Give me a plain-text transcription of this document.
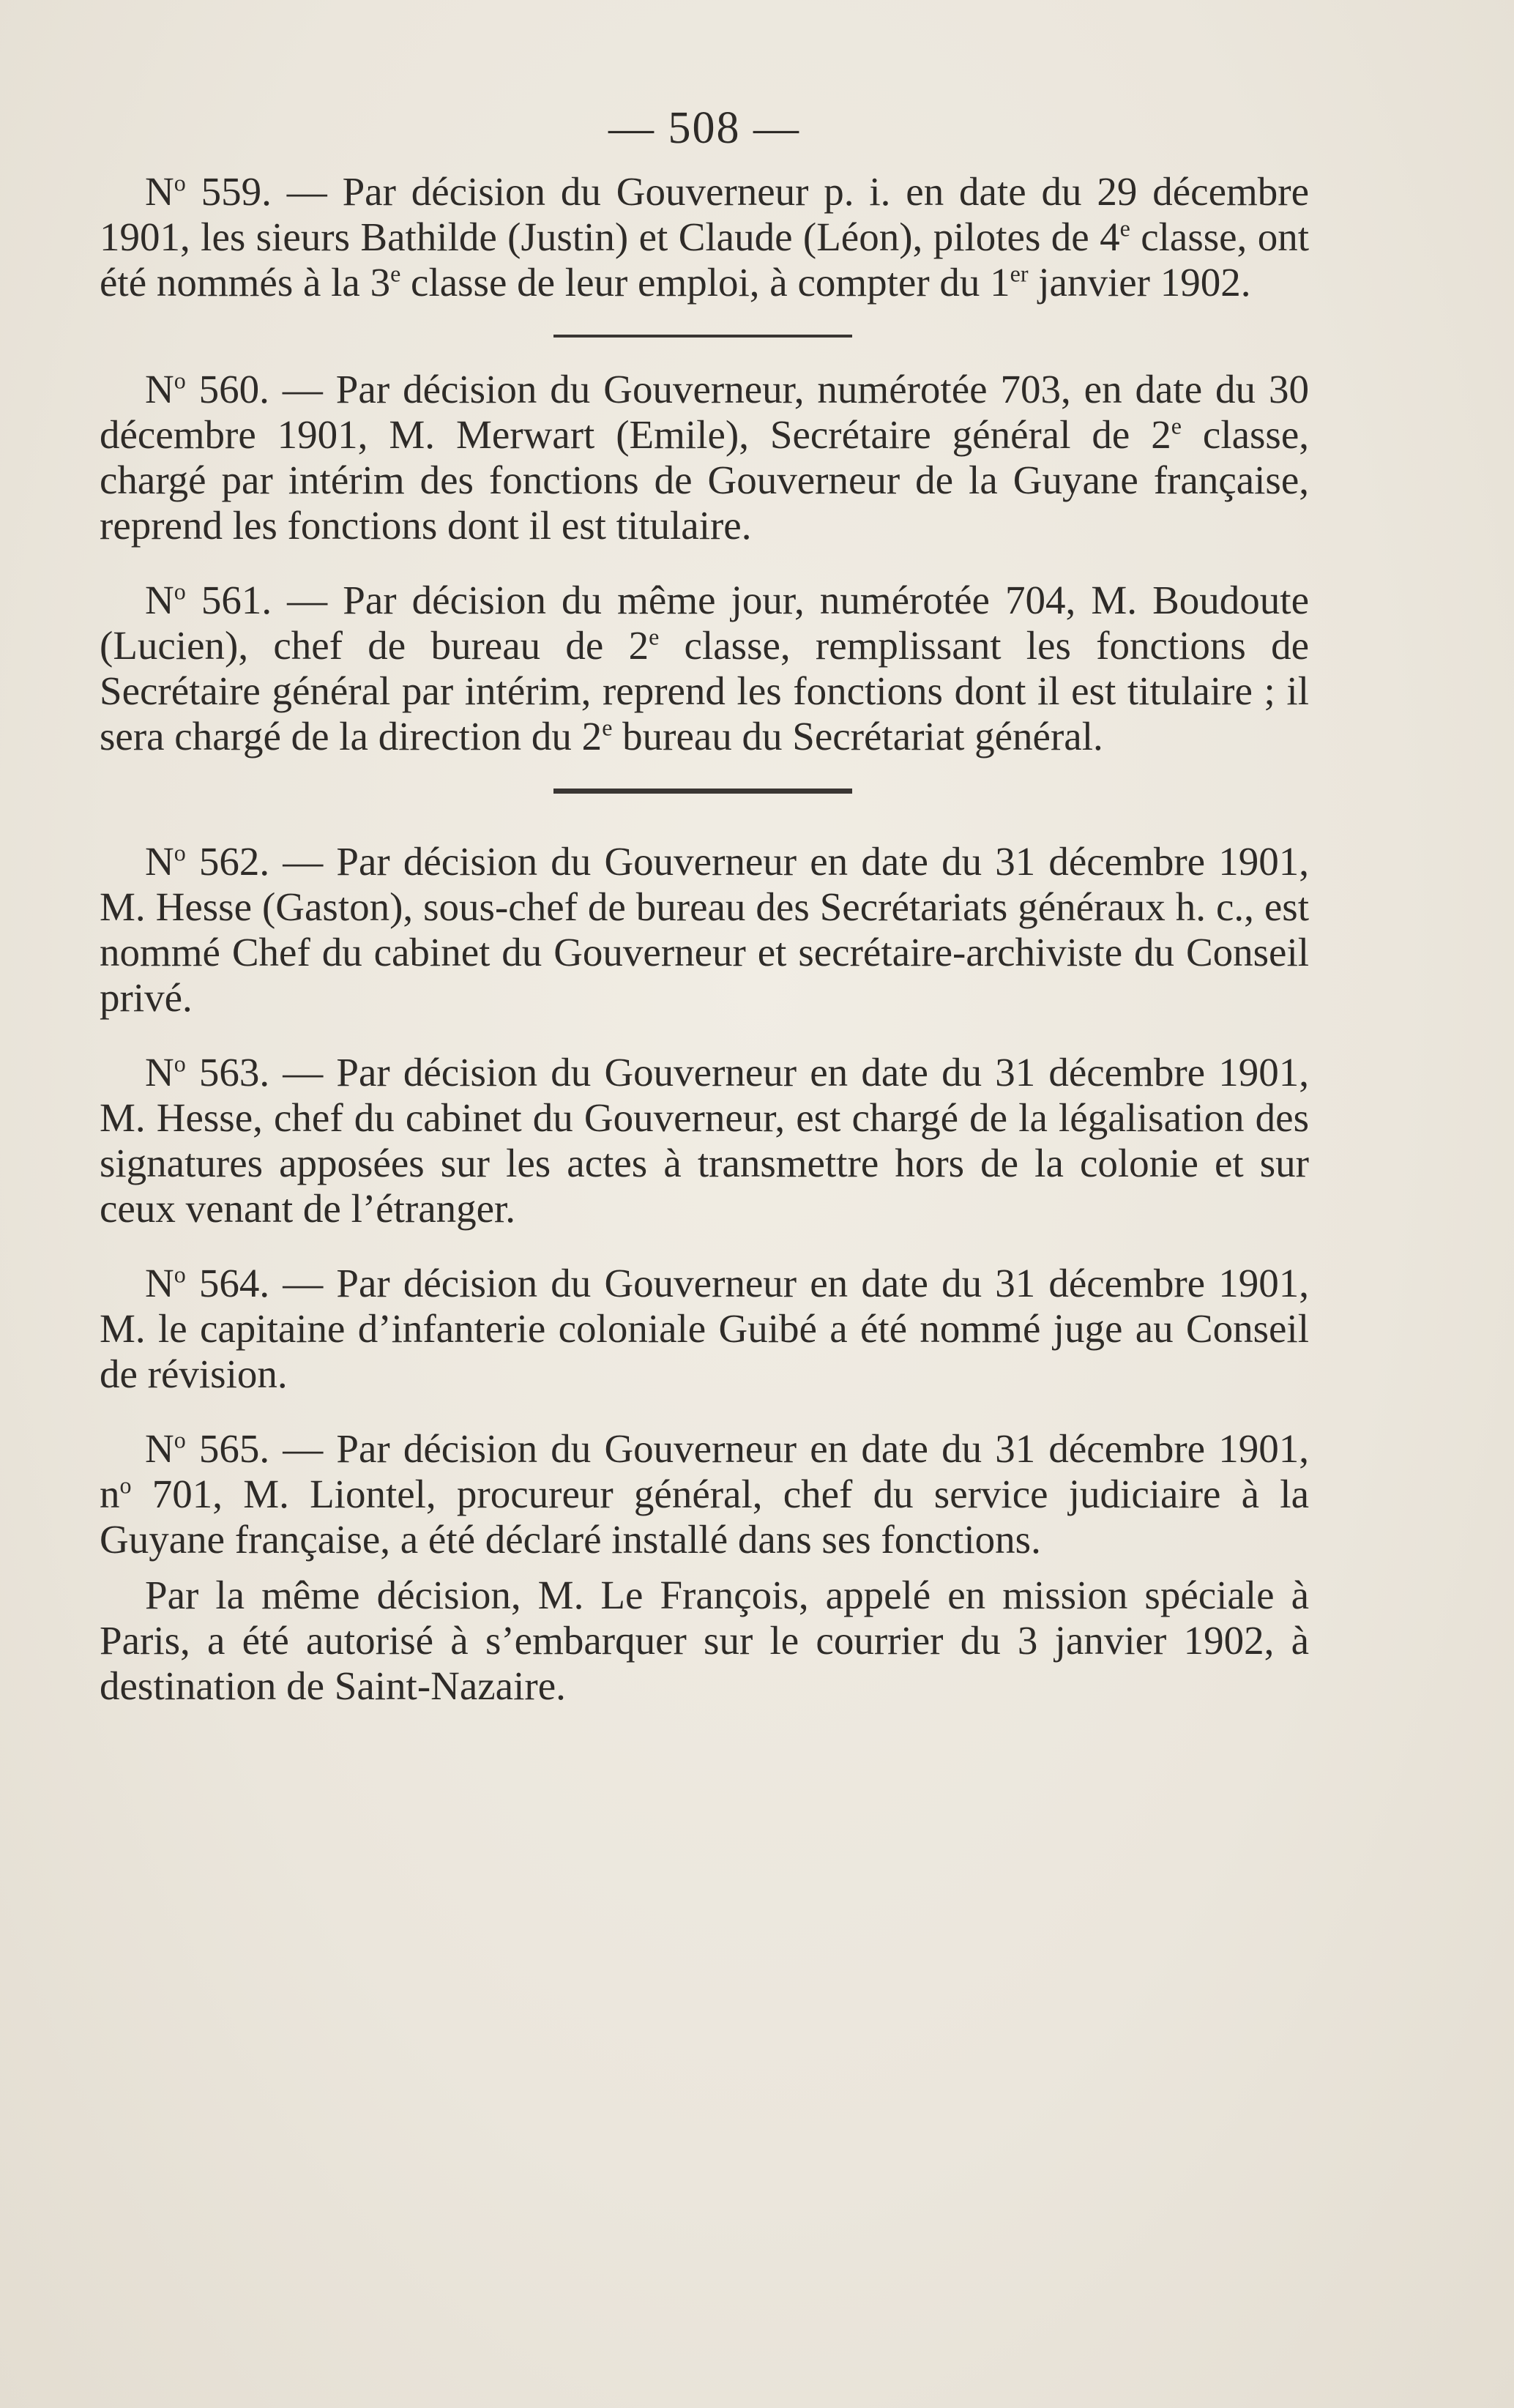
— 508 —

$N^o$ 559. — Par décision du Gouverneur p. i. en date du 29 décembre 1901, les sieurs Bathilde (Justin) et Claude (Léon), pilotes de 4e classe, ont été nommés à la 3e classe de leur emploi, à compter du 1er janvier 1902.

$N^o$ 560. — Par décision du Gouverneur, numérotée 703, en date du 30 décembre 1901, M. Merwart (Emile), Secrétaire général de 2e classe, chargé par intérim des fonctions de Gouverneur de la Guyane française, reprend les fonctions dont il est titulaire.

$N^o$ 561. — Par décision du même jour, numérotée 704, M. Boudoute (Lucien), chef de bureau de 2e classe, remplissant les fonctions de Secrétaire général par intérim, reprend les fonctions dont il est titulaire ; il sera chargé de la direction du 2e bureau du Secrétariat général.

$N^o$ 562. — Par décision du Gouverneur en date du 31 décembre 1901, M. Hesse (Gaston), sous-chef de bureau des Secrétariats généraux h. c., est nommé Chef du cabinet du Gouverneur et secrétaire-archiviste du Conseil privé.

$N^o$ 563. — Par décision du Gouverneur en date du 31 décembre 1901, M. Hesse, chef du cabinet du Gouverneur, est chargé de la légalisation des signatures apposées sur les actes à transmettre hors de la colonie et sur ceux venant de l’étranger.

$N^o$ 564. — Par décision du Gouverneur en date du 31 décembre 1901, M. le capitaine d’infanterie coloniale Guibé a été nommé juge au Conseil de révision.

$N^o$ 565. — Par décision du Gouverneur en date du 31 décembre 1901, $n^o$ 701, M. Liontel, procureur général, chef du service judiciaire à la Guyane française, a été déclaré installé dans ses fonctions.

Par la même décision, M. Le François, appelé en mission spéciale à Paris, a été autorisé à s’embarquer sur le courrier du 3 janvier 1902, à destination de Saint-Nazaire.
